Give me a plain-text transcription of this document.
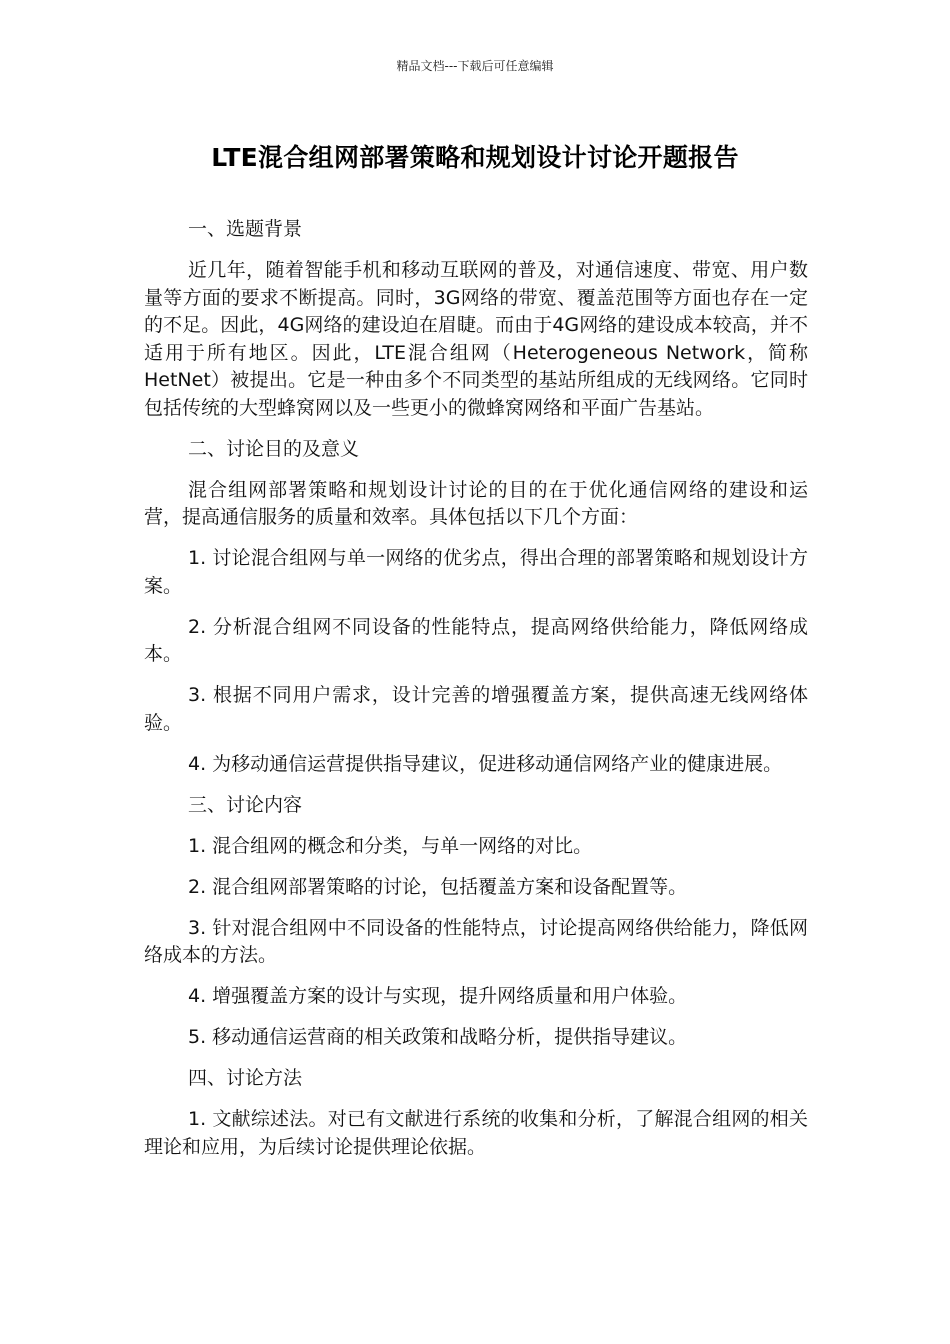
精品文档---下载后可任意编辑
LTE混合组网部署策略和规划设计讨论开题报告

一、选题背景

近几年，随着智能手机和移动互联网的普及，对通信速度、带宽、用户数量等方面的要求不断提高。同时，3G网络的带宽、覆盖范围等方面也存在一定的不足。因此，4G网络的建设迫在眉睫。而由于4G网络的建设成本较高，并不适用于所有地区。因此，LTE混合组网（Heterogeneous Network，简称HetNet）被提出。它是一种由多个不同类型的基站所组成的无线网络。它同时包括传统的大型蜂窝网以及一些更小的微蜂窝网络和平面广告基站。

二、讨论目的及意义

混合组网部署策略和规划设计讨论的目的在于优化通信网络的建设和运营，提高通信服务的质量和效率。具体包括以下几个方面：

1. 讨论混合组网与单一网络的优劣点，得出合理的部署策略和规划设计方案。

2. 分析混合组网不同设备的性能特点，提高网络供给能力，降低网络成本。

3. 根据不同用户需求，设计完善的增强覆盖方案，提供高速无线网络体验。

4. 为移动通信运营提供指导建议，促进移动通信网络产业的健康进展。

三、讨论内容

1. 混合组网的概念和分类，与单一网络的对比。

2. 混合组网部署策略的讨论，包括覆盖方案和设备配置等。

3. 针对混合组网中不同设备的性能特点，讨论提高网络供给能力，降低网络成本的方法。

4. 增强覆盖方案的设计与实现，提升网络质量和用户体验。

5. 移动通信运营商的相关政策和战略分析，提供指导建议。

四、讨论方法

1. 文献综述法。对已有文献进行系统的收集和分析，了解混合组网的相关理论和应用，为后续讨论提供理论依据。
